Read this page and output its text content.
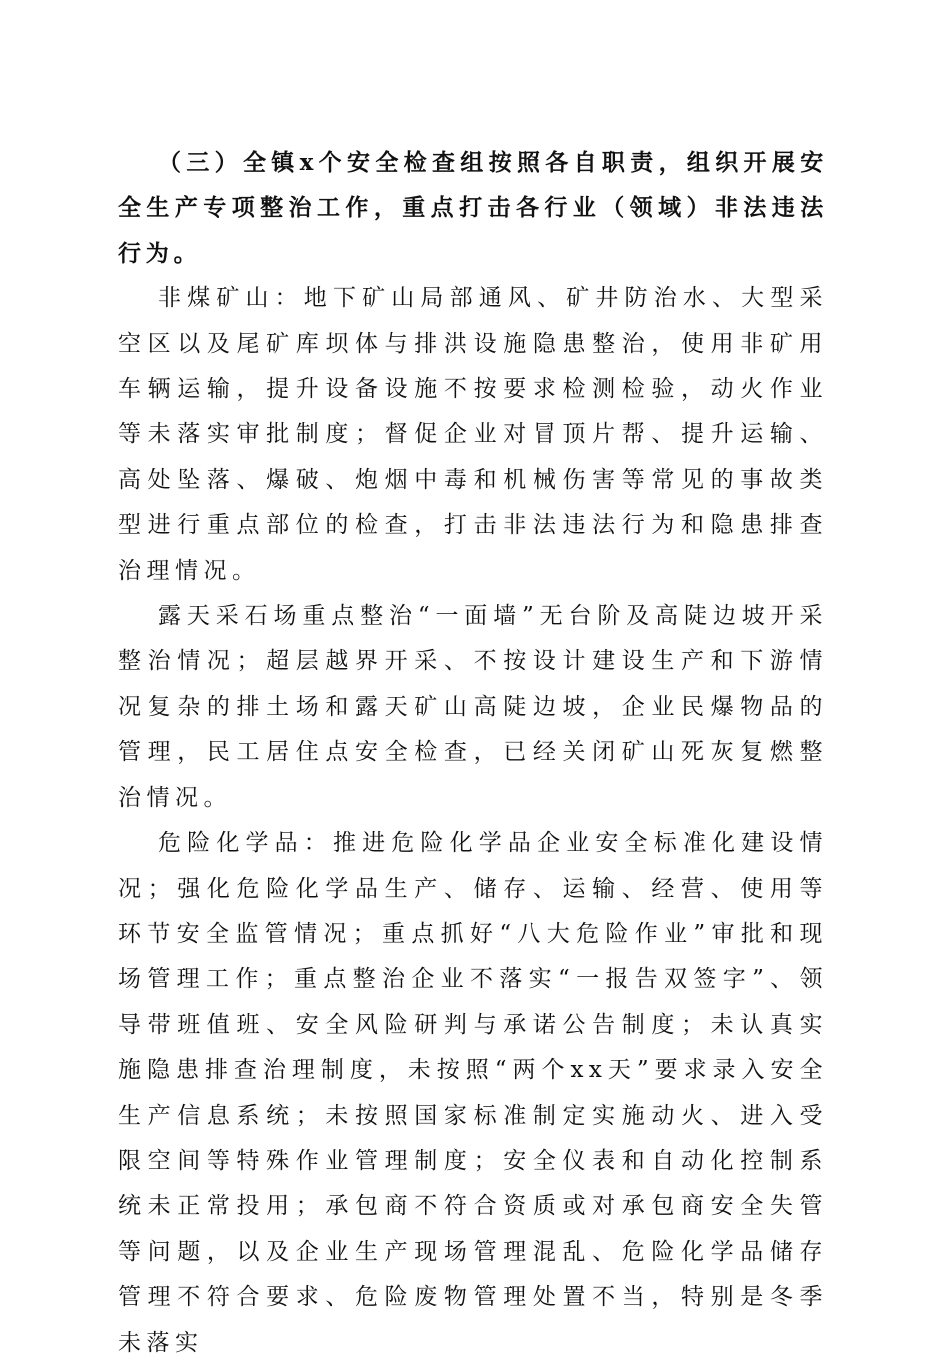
（三）全镇x个安全检查组按照各自职责，组织开展安全生产专项整治工作，重点打击各行业（领域）非法违法行为。

非煤矿山：地下矿山局部通风、矿井防治水、大型采空区以及尾矿库坝体与排洪设施隐患整治，使用非矿用车辆运输，提升设备设施不按要求检测检验，动火作业等未落实审批制度；督促企业对冒顶片帮、提升运输、高处坠落、爆破、炮烟中毒和机械伤害等常见的事故类型进行重点部位的检查，打击非法违法行为和隐患排查治理情况。

露天采石场重点整治“一面墙”无台阶及高陡边坡开采整治情况；超层越界开采、不按设计建设生产和下游情况复杂的排土场和露天矿山高陡边坡，企业民爆物品的管理，民工居住点安全检查，已经关闭矿山死灰复燃整治情况。

危险化学品：推进危险化学品企业安全标准化建设情况；强化危险化学品生产、储存、运输、经营、使用等环节安全监管情况；重点抓好“八大危险作业”审批和现场管理工作；重点整治企业不落实“一报告双签字”、领导带班值班、安全风险研判与承诺公告制度；未认真实施隐患排查治理制度，未按照“两个xx天”要求录入安全生产信息系统；未按照国家标准制定实施动火、进入受限空间等特殊作业管理制度；安全仪表和自动化控制系统未正常投用；承包商不符合资质或对承包商安全失管等问题，以及企业生产现场管理混乱、危险化学品储存管理不符合要求、危险废物管理处置不当，特别是冬季未落实
